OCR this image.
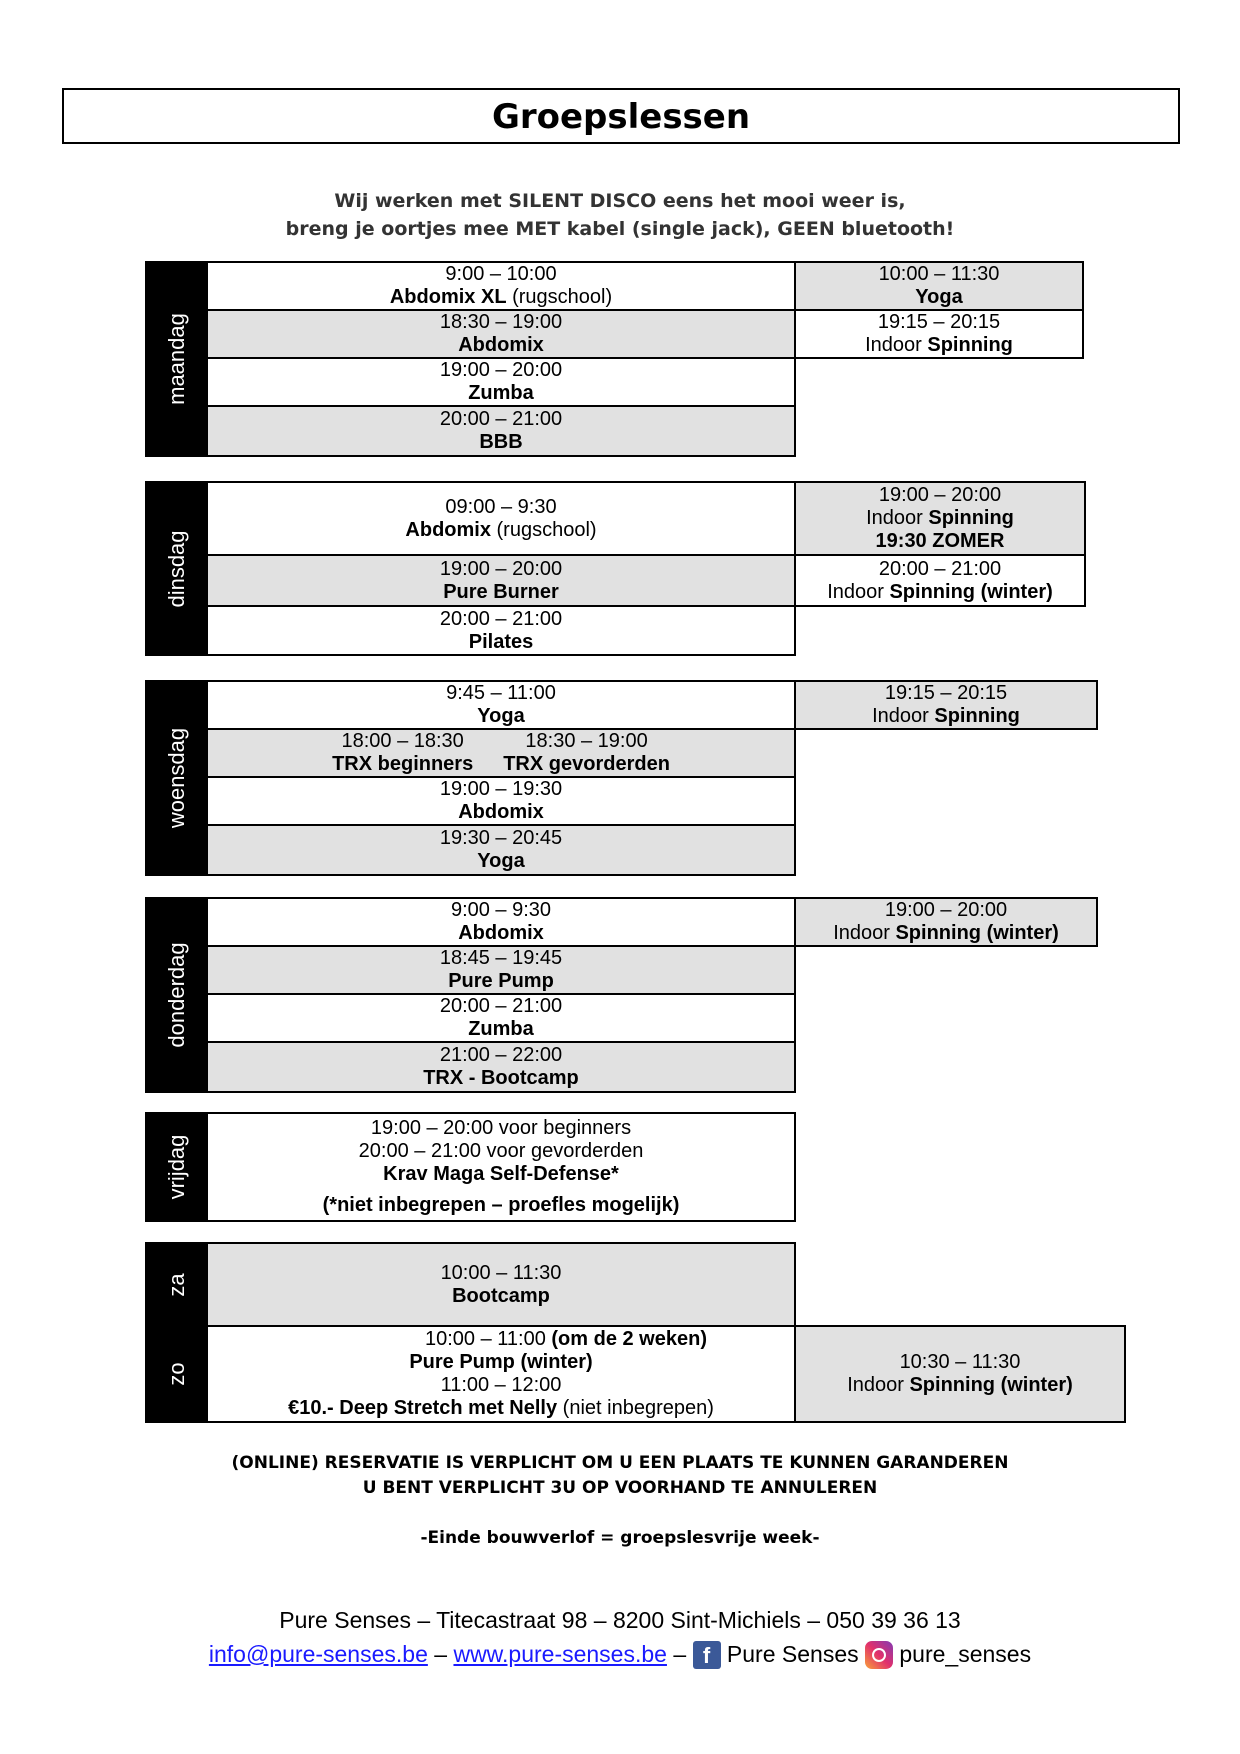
Groepslessen
Wij werken met SILENT DISCO eens het mooi weer is,
breng je oortjes mee MET kabel (single jack), GEEN bluetooth!
maandag
9:00 – 10:00
Abdomix XL (rugschool)
18:30 – 19:00
Abdomix
19:00 – 20:00
Zumba
20:00 – 21:00
BBB
10:00 – 11:30
Yoga
19:15 – 20:15
Indoor Spinning
dinsdag
09:00 – 9:30
Abdomix (rugschool)
19:00 – 20:00
Pure Burner
20:00 – 21:00
Pilates
19:00 – 20:00
Indoor Spinning
19:30 ZOMER
20:00 – 21:00
Indoor Spinning (winter)
woensdag
9:45 – 11:00
Yoga
18:00 – 18:30
TRX beginners
18:30 – 19:00
TRX gevorderden
19:00 – 19:30
Abdomix
19:30 – 20:45
Yoga
19:15 – 20:15
Indoor Spinning
donderdag
9:00 – 9:30
Abdomix
18:45 – 19:45
Pure Pump
20:00 – 21:00
Zumba
21:00 – 22:00
TRX - Bootcamp
19:00 – 20:00
Indoor Spinning (winter)
vrijdag
19:00 – 20:00 voor beginners
20:00 – 21:00 voor gevorderden
Krav Maga Self-Defense*
(*niet inbegrepen – proefles mogelijk)
za
10:00 – 11:30
Bootcamp
zo
10:00 – 11:00 (om de 2 weken)
Pure Pump (winter)
11:00 – 12:00
€10.- Deep Stretch met Nelly (niet inbegrepen)
10:30 – 11:30
Indoor Spinning (winter)
(ONLINE) RESERVATIE IS VERPLICHT OM U EEN PLAATS TE KUNNEN GARANDEREN
U BENT VERPLICHT 3U OP VOORHAND TE ANNULEREN
-Einde bouwverlof = groepslesvrije week-
Pure Senses – Titecastraat 98 – 8200 Sint-Michiels – 050 39 36 13
info@pure-senses.be – www.pure-senses.be – f Pure Senses  pure_senses
